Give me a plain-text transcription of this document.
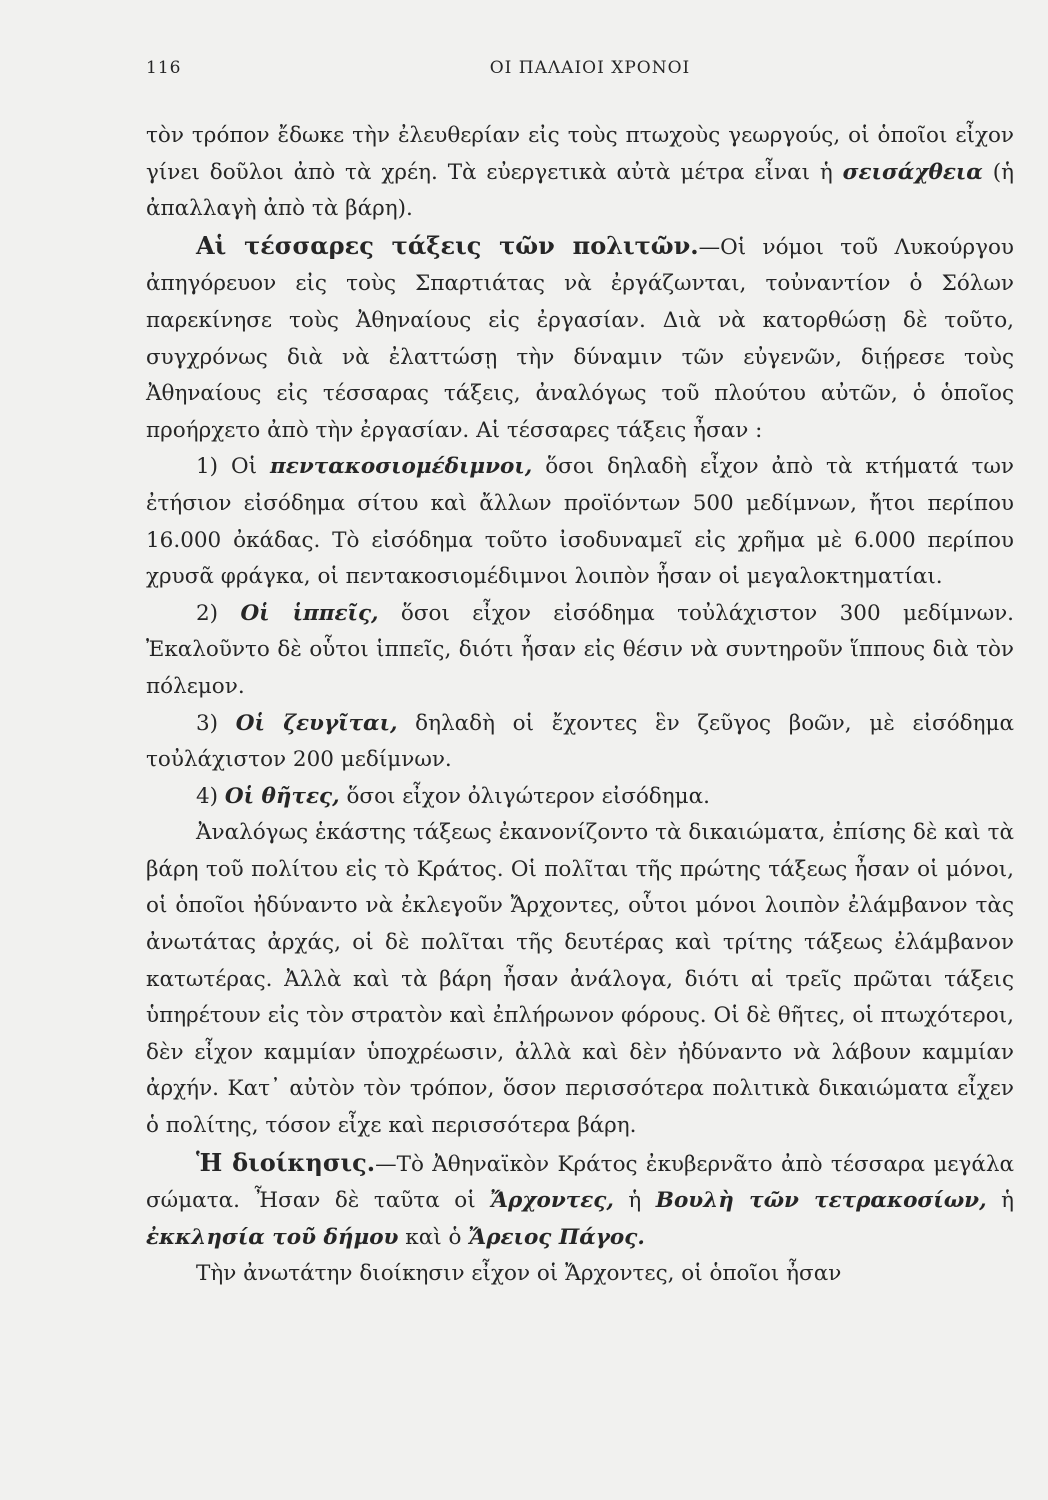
116	ΟΙ ΠΑΛΑΙΟΙ ΧΡΟΝΟΙ

τὸν τρόπον ἔδωκε τὴν ἐλευθερίαν εἰς τοὺς πτωχοὺς γεωργούς, οἱ ὁποῖοι εἶχον γίνει δοῦλοι ἀπὸ τὰ χρέη. Τὰ εὐεργετικὰ αὐτὰ μέτρα εἶναι ἡ σεισάχθεια (ἡ ἀπαλλαγὴ ἀπὸ τὰ βάρη).

Αἱ τέσσαρες τάξεις τῶν πολιτῶν.—Οἱ νόμοι τοῦ Λυκούργου ἀπηγόρευον εἰς τοὺς Σπαρτιάτας νὰ ἐργάζωνται, τοὐναντίον ὁ Σόλων παρεκίνησε τοὺς Ἀθηναίους εἰς ἐργασίαν. Διὰ νὰ κατορθώσῃ δὲ τοῦτο, συγχρόνως διὰ νὰ ἐλαττώσῃ τὴν δύναμιν τῶν εὐγενῶν, διῄρεσε τοὺς Ἀθηναίους εἰς τέσσαρας τάξεις, ἀναλόγως τοῦ πλούτου αὐτῶν, ὁ ὁποῖος προήρχετο ἀπὸ τὴν ἐργασίαν. Αἱ τέσσαρες τάξεις ἦσαν :

1) Οἱ πεντακοσιομέδιμνοι, ὅσοι δηλαδὴ εἶχον ἀπὸ τὰ κτήματά των ἐτήσιον εἰσόδημα σίτου καὶ ἄλλων προϊόντων 500 μεδίμνων, ἤτοι περίπου 16.000 ὀκάδας. Τὸ εἰσόδημα τοῦτο ἰσοδυναμεῖ εἰς χρῆμα μὲ 6.000 περίπου χρυσᾶ φράγκα, οἱ πεντακοσιομέδιμνοι λοιπὸν ἦσαν οἱ μεγαλοκτηματίαι.

2) Οἱ ἱππεῖς, ὅσοι εἶχον εἰσόδημα τοὐλάχιστον 300 μεδίμνων. Ἐκαλοῦντο δὲ οὗτοι ἱππεῖς, διότι ἦσαν εἰς θέσιν νὰ συντηροῦν ἵππους διὰ τὸν πόλεμον.

3) Οἱ ζευγῖται, δηλαδὴ οἱ ἔχοντες ἓν ζεῦγος βοῶν, μὲ εἰσόδημα τοὐλάχιστον 200 μεδίμνων.

4) Οἱ θῆτες, ὅσοι εἶχον ὀλιγώτερον εἰσόδημα.

Ἀναλόγως ἑκάστης τάξεως ἐκανονίζοντο τὰ δικαιώματα, ἐπίσης δὲ καὶ τὰ βάρη τοῦ πολίτου εἰς τὸ Κράτος. Οἱ πολῖται τῆς πρώτης τάξεως ἦσαν οἱ μόνοι, οἱ ὁποῖοι ἠδύναντο νὰ ἐκλεγοῦν Ἄρχοντες, οὗτοι μόνοι λοιπὸν ἐλάμβανον τὰς ἀνωτάτας ἀρχάς, οἱ δὲ πολῖται τῆς δευτέρας καὶ τρίτης τάξεως ἐλάμβανον κατωτέρας. Ἀλλὰ καὶ τὰ βάρη ἦσαν ἀνάλογα, διότι αἱ τρεῖς πρῶται τάξεις ὑπηρέτουν εἰς τὸν στρατὸν καὶ ἐπλήρωνον φόρους. Οἱ δὲ θῆτες, οἱ πτωχότεροι, δὲν εἶχον καμμίαν ὑποχρέωσιν, ἀλλὰ καὶ δὲν ἠδύναντο νὰ λάβουν καμμίαν ἀρχήν. Κατ᾿ αὐτὸν τὸν τρόπον, ὅσον περισσότερα πολιτικὰ δικαιώματα εἶχεν ὁ πολίτης, τόσον εἶχε καὶ περισσότερα βάρη.

Ἡ διοίκησις.—Τὸ Ἀθηναϊκὸν Κράτος ἐκυβερνᾶτο ἀπὸ τέσσαρα μεγάλα σώματα. Ἦσαν δὲ ταῦτα οἱ Ἄρχοντες, ἡ Βουλὴ τῶν τετρακοσίων, ἡ ἐκκλησία τοῦ δήμου καὶ ὁ Ἄρειος Πάγος.

Τὴν ἀνωτάτην διοίκησιν εἶχον οἱ Ἄρχοντες, οἱ ὁποῖοι ἦσαν
